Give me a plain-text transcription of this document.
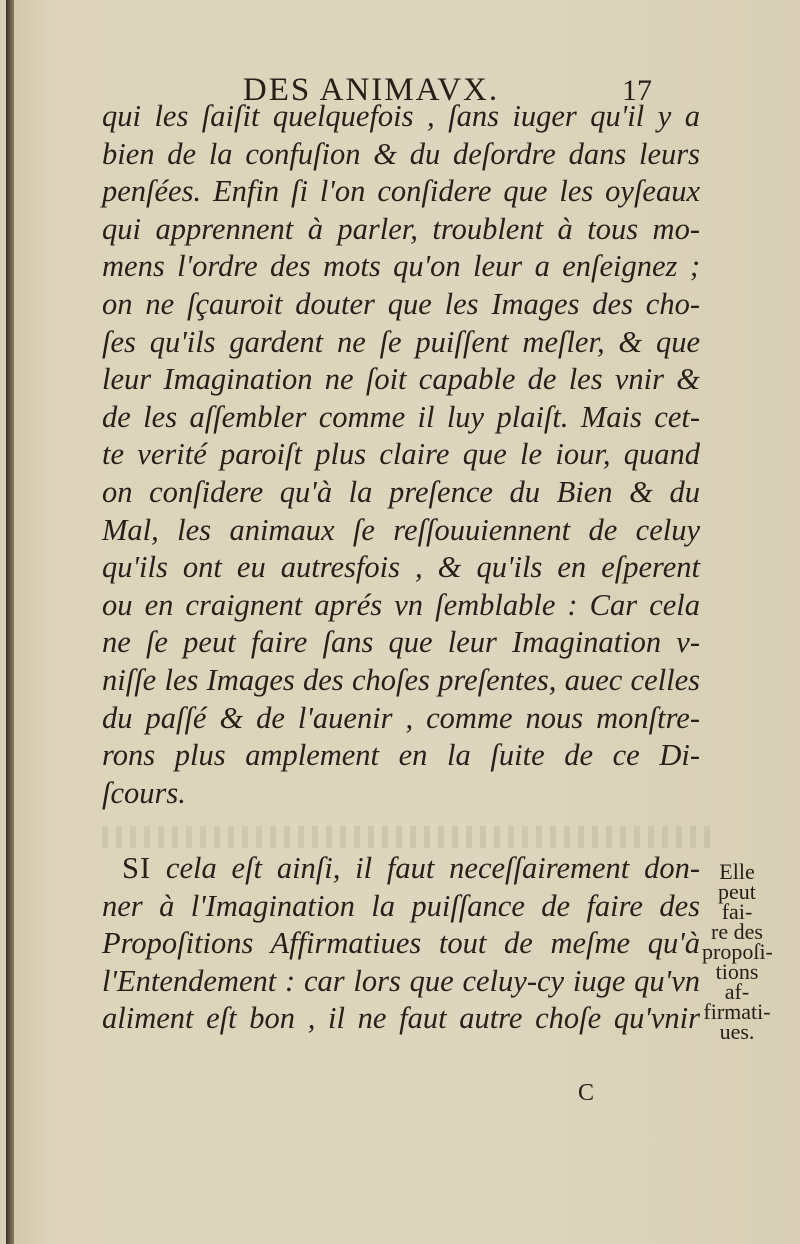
DES ANIMAVX.	17
qui les ſaiſit quelquefois , ſans iuger qu'il y a
bien de la confuſion & du deſordre dans leurs
penſées. Enfin ſi l'on conſidere que les oyſeaux
qui apprennent à parler, troublent à tous mo-
mens l'ordre des mots qu'on leur a enſeignez ;
on ne ſçauroit douter que les Images des cho-
ſes qu'ils gardent ne ſe puiſſent meſler, & que
leur Imagination ne ſoit capable de les vnir &
de les aſſembler comme il luy plaiſt. Mais cet-
te verité paroiſt plus claire que le iour, quand
on conſidere qu'à la preſence du Bien & du
Mal, les animaux ſe reſſouuiennent de celuy
qu'ils ont eu autresfois , & qu'ils en eſperent
ou en craignent aprés vn ſemblable : Car cela
ne ſe peut faire ſans que leur Imagination v-
niſſe les Images des choſes preſentes, auec celles
du paſſé & de l'auenir , comme nous monſtre-
rons plus amplement en la ſuite de ce Di-
ſcours.
SI cela eſt ainſi, il faut neceſſairement don-
ner à l'Imagination la puiſſance de faire des
Propoſitions Affirmatiues tout de meſme qu'à
l'Entendement : car lors que celuy-cy iuge qu'vn
aliment eſt bon , il ne faut autre choſe qu'vnir
Elle
peut fai-
re des
propoſi-
tions af-
firmati-
ues.
C
